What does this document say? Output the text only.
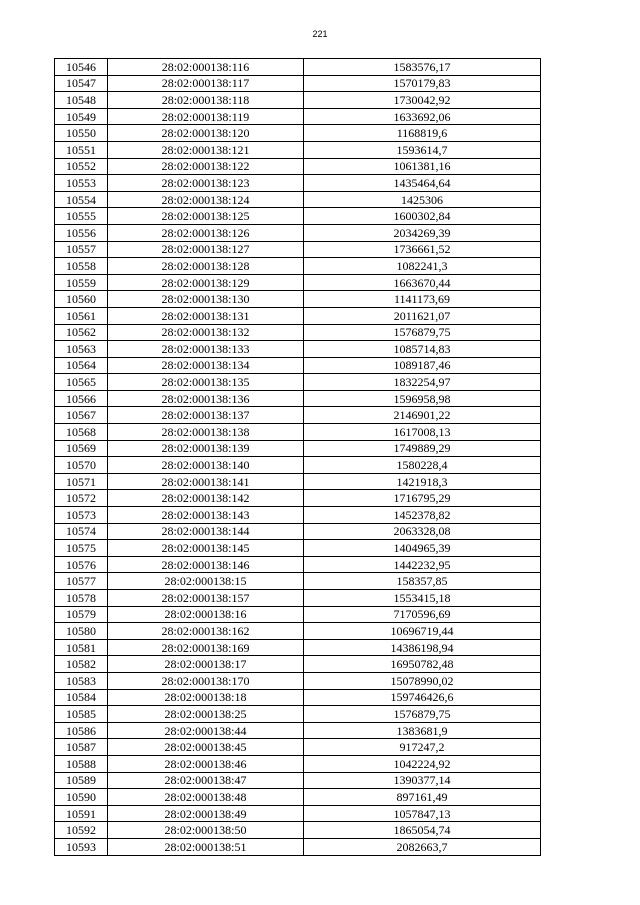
221
10546	28:02:000138:116	1583576,17
10547	28:02:000138:117	1570179,83
10548	28:02:000138:118	1730042,92
10549	28:02:000138:119	1633692,06
10550	28:02:000138:120	1168819,6
10551	28:02:000138:121	1593614,7
10552	28:02:000138:122	1061381,16
10553	28:02:000138:123	1435464,64
10554	28:02:000138:124	1425306
10555	28:02:000138:125	1600302,84
10556	28:02:000138:126	2034269,39
10557	28:02:000138:127	1736661,52
10558	28:02:000138:128	1082241,3
10559	28:02:000138:129	1663670,44
10560	28:02:000138:130	1141173,69
10561	28:02:000138:131	2011621,07
10562	28:02:000138:132	1576879,75
10563	28:02:000138:133	1085714,83
10564	28:02:000138:134	1089187,46
10565	28:02:000138:135	1832254,97
10566	28:02:000138:136	1596958,98
10567	28:02:000138:137	2146901,22
10568	28:02:000138:138	1617008,13
10569	28:02:000138:139	1749889,29
10570	28:02:000138:140	1580228,4
10571	28:02:000138:141	1421918,3
10572	28:02:000138:142	1716795,29
10573	28:02:000138:143	1452378,82
10574	28:02:000138:144	2063328,08
10575	28:02:000138:145	1404965,39
10576	28:02:000138:146	1442232,95
10577	28:02:000138:15	158357,85
10578	28:02:000138:157	1553415,18
10579	28:02:000138:16	7170596,69
10580	28:02:000138:162	10696719,44
10581	28:02:000138:169	14386198,94
10582	28:02:000138:17	16950782,48
10583	28:02:000138:170	15078990,02
10584	28:02:000138:18	159746426,6
10585	28:02:000138:25	1576879,75
10586	28:02:000138:44	1383681,9
10587	28:02:000138:45	917247,2
10588	28:02:000138:46	1042224,92
10589	28:02:000138:47	1390377,14
10590	28:02:000138:48	897161,49
10591	28:02:000138:49	1057847,13
10592	28:02:000138:50	1865054,74
10593	28:02:000138:51	2082663,7
